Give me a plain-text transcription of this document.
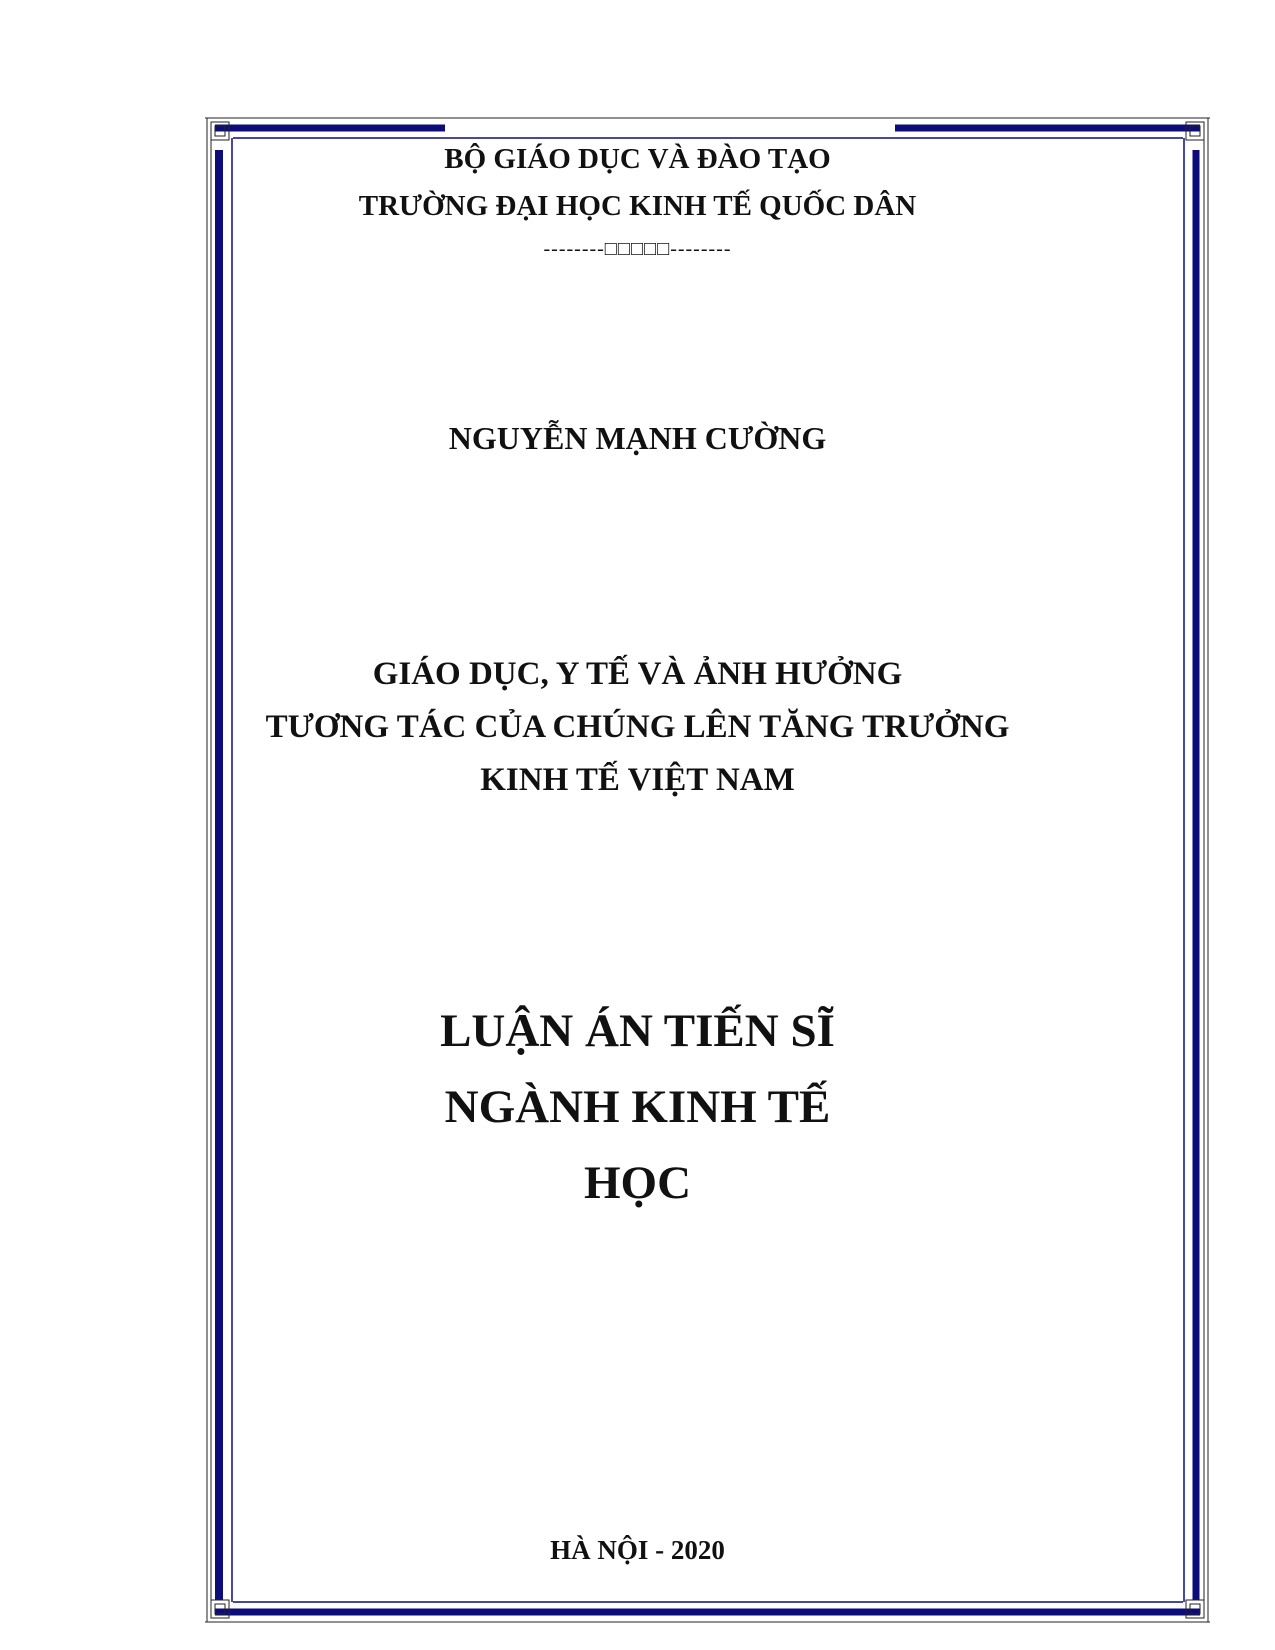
BỘ GIÁO DỤC VÀ ĐÀO TẠO
TRƯỜNG ĐẠI HỌC KINH TẾ QUỐC DÂN
--------□□□□□--------
NGUYỄN MẠNH CƯỜNG
GIÁO DỤC, Y TẾ VÀ ẢNH HƯỞNG
TƯƠNG TÁC CỦA CHÚNG LÊN TĂNG TRƯỞNG
KINH TẾ VIỆT NAM
LUẬN ÁN TIẾN SĨ
NGÀNH KINH TẾ
HỌC
HÀ NỘI - 2020
